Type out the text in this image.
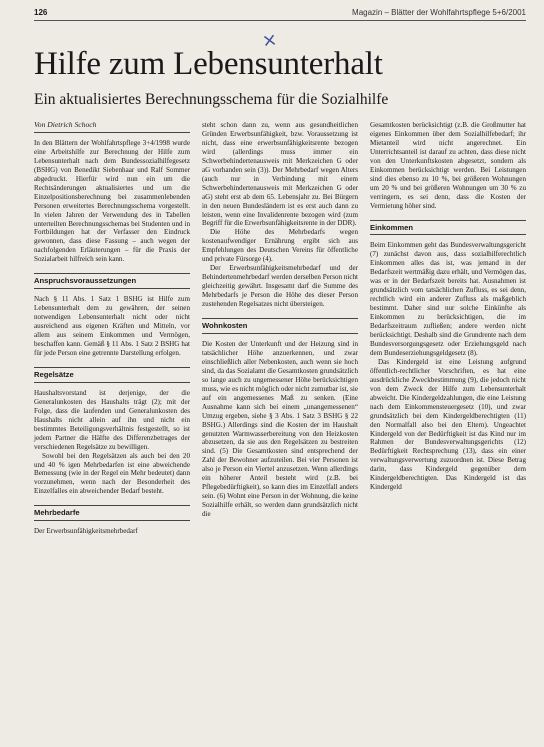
126	Magazin – Blätter der Wohlfahrtspflege 5+6/2001
×
Hilfe zum Lebensunterhalt
Ein aktualisiertes Berechnungsschema für die Sozialhilfe
Von Dietrich Schoch

In den Blättern der Wohlfahrtspflege 3+4/1998 wurde eine Arbeitshilfe zur Berechnung der Hilfe zum Lebensunterhalt nach dem Bundessozialhilfegesetz (BSHG) von Benedikt Siebenhaar und Ralf Sommer abgedruckt. Hierfür wird nun ein um die Rechtsänderungen aktualisiertes und um die Einzelpositionsberechnung bei zusammenlebenden Personen erweitertes Berechnungsschema vorgestellt. In vielen Jahren der Verwendung des in Tabellen unterteilten Berechnungsschemas bei Studenten und in Fortbildungen hat der Verfasser den Eindruck gewonnen, dass diese Fassung – auch wegen der nachfolgenden Erläuterungen – für die Praxis der Sozialarbeit hilfreich sein kann.

Anspruchsvoraussetzungen

Nach § 11 Abs. 1 Satz 1 BSHG ist Hilfe zum Lebensunterhalt dem zu gewähren, der seinen notwendigen Lebensunterhalt nicht oder nicht ausreichend aus eigenen Kräften und Mitteln, vor allem aus seinem Einkommen und Vermögen, beschaffen kann. Gemäß § 11 Abs. 1 Satz 2 BSHG hat für jede Person eine getrennte Darstellung erfolgen.

Regelsätze

Haushaltsvorstand ist derjenige, der die Generalunkosten des Haushalts trägt (2); mit der Folge, dass die laufenden und Generalunkosten des Haushalts nicht allein auf ihn und nicht ein bestimmtes Beteiligungsverhältnis festgestellt, so ist jedem Partner die Hälfte des Differenzbetrages der verschiedenen Regelsätze zu bewilligen.

Sowohl bei den Regelsätzen als auch bei den 20 und 40 % igen Mehrbedarfen ist eine abweichende Bemessung (wie in der Regel ein Mehr bedeutet) dann vorzunehmen, wenn nach der Besonderheit des Einzelfalles ein abweichender Bedarf besteht.

Mehrbedarfe

Der Erwerbsunfähigkeitsmehrbedarf

steht schon dann zu, wenn aus gesundheitlichen Gründen Erwerbsunfähigkeit, bzw. Voraussetzung ist nicht, dass eine erwerbsunfähigkeitsrente bezogen wird (allerdings muss immer ein Schwerbehindertenausweis mit Merkzeichen G oder aG vorhanden sein (3)). Der Mehrbedarf wegen Alters (auch nur in Verbindung mit einem Schwerbehindertenausweis mit Merkzeichen G oder aG) steht erst ab dem 65. Lebensjahr zu. Bei Bürgern in den neuen Bundesländern ist es erst auch dann zu leisten, wenn eine Invalidenrente bezogen wird (zum Begriff für die Erwerbsunfähigkeitsrente in der DDR).

Die Höhe des Mehrbedarfs wegen kostenaufwendiger Ernährung ergibt sich aus Empfehlungen des Deutschen Vereins für öffentliche und private Fürsorge (4).

Der Erwerbsunfähigkeitsmehrbedarf und der Behindertenmehrbedarf werden derselben Person nicht gleichzeitig gewährt. Insgesamt darf die Summe des Mehrbedarfs je Person die Höhe des dieser Person zustehenden Regelsatzes nicht übersteigen.

Wohnkosten

Die Kosten der Unterkunft und der Heizung sind in tatsächlicher Höhe anzuerkennen, und zwar einschließlich aller Nebenkosten, auch wenn sie hoch sind, da das Sozialamt die Gesamtkosten grundsätzlich so lange auch zu ungemessener Höhe berücksichtigen muss, wie es nicht möglich oder nicht zumutbar ist, sie auf ein angemessenes Maß zu senken. (Eine Ausnahme kann sich bei einem „unangemessenen“ Umzug ergeben, siehe § 3 Abs. 1 Satz 3 BSHG § 22 BSHG.) Allerdings sind die Kosten der im Haushalt genutzten Warmwasserbereitung von den Heizkosten abzusetzen, da sie aus den Regelsätzen zu bestreiten sind. (5) Die Gesamtkosten sind entsprechend der Zahl der Bewohner aufzuteilen. Bei vier Personen ist also je Person ein Viertel anzusetzen. Wenn allerdings ein höherer Anteil besteht wird (z.B. bei Pflegebedürftigkeit), so kann dies im Einzelfall anders sein. (6) Wohnt eine Person in der Wohnung, die keine Sozialhilfe erhält, so werden dann grundsätzlich nicht die

Gesamtkosten berücksichtigt (z.B. die Großmutter hat eigenes Einkommen über dem Sozialhilfebedarf; ihr Mietanteil wird nicht angerechnet. Ein Unterrichtsanteil ist darauf zu achten, dass diese nicht von den Unterkunftskosten abgesetzt, sondern als Einkommen berücksichtigt werden. Bei Leistungen sind dies ebenso zu 10 %, bei größeren Wohnungen um 20 % und bei größeren Wohnungen um 30 % zu verringern, es sei denn, dass die Kosten der Vermietung höher sind.

Einkommen

Beim Einkommen geht das Bundesverwaltungsgericht (7) zunächst davon aus, dass sozialhilferechtlich Einkommen alles das ist, was jemand in der Bedarfszeit wertmäßig dazu erhält, und Vermögen das, was er in der Bedarfszeit bereits hat. Ausnahmen ist grundsätzlich vom tatsächlichen Zufluss, es sei denn, rechtlich wird ein anderer Zufluss als maßgeblich bestimmt. Daher sind nur solche Einkünfte als Einkommen zu berücksichtigen, die im Bedarfszeitraum zufließen; andere werden nicht berücksichtigt. Deshalb sind die Grundrente nach dem Bundesversorgungsgesetz oder Erziehungsgeld nach dem Bundeserziehungsgeldgesetz (8).

Das Kindergeld ist eine Leistung aufgrund öffentlich-rechtlicher Vorschriften, es hat eine ausdrückliche Zweckbestimmung (9), die jedoch nicht von dem Zweck der Hilfe zum Lebensunterhalt abweicht. Die Kindergeldzahlungen, die eine Leistung nach dem Einkommensteuergesetz (10), und zwar grundsätzlich bei dem Kindergeldberechtigten (11) den Normalfall also bei den Eltern). Ungeachtet Kindergeld von der Bedürftigkeit ist das Kind nur im Rahmen der Bundesverwaltungsgerichts (12) Bedürftigkeit Rechtsprechung (13), dass ein einer verwaltungsverwertung zuzuordnen ist. Diese Betrag darin, dass Kindergeld gegenüber dem Kindergeldberechtigten. Das Kindergeld ist das Kindergeld
